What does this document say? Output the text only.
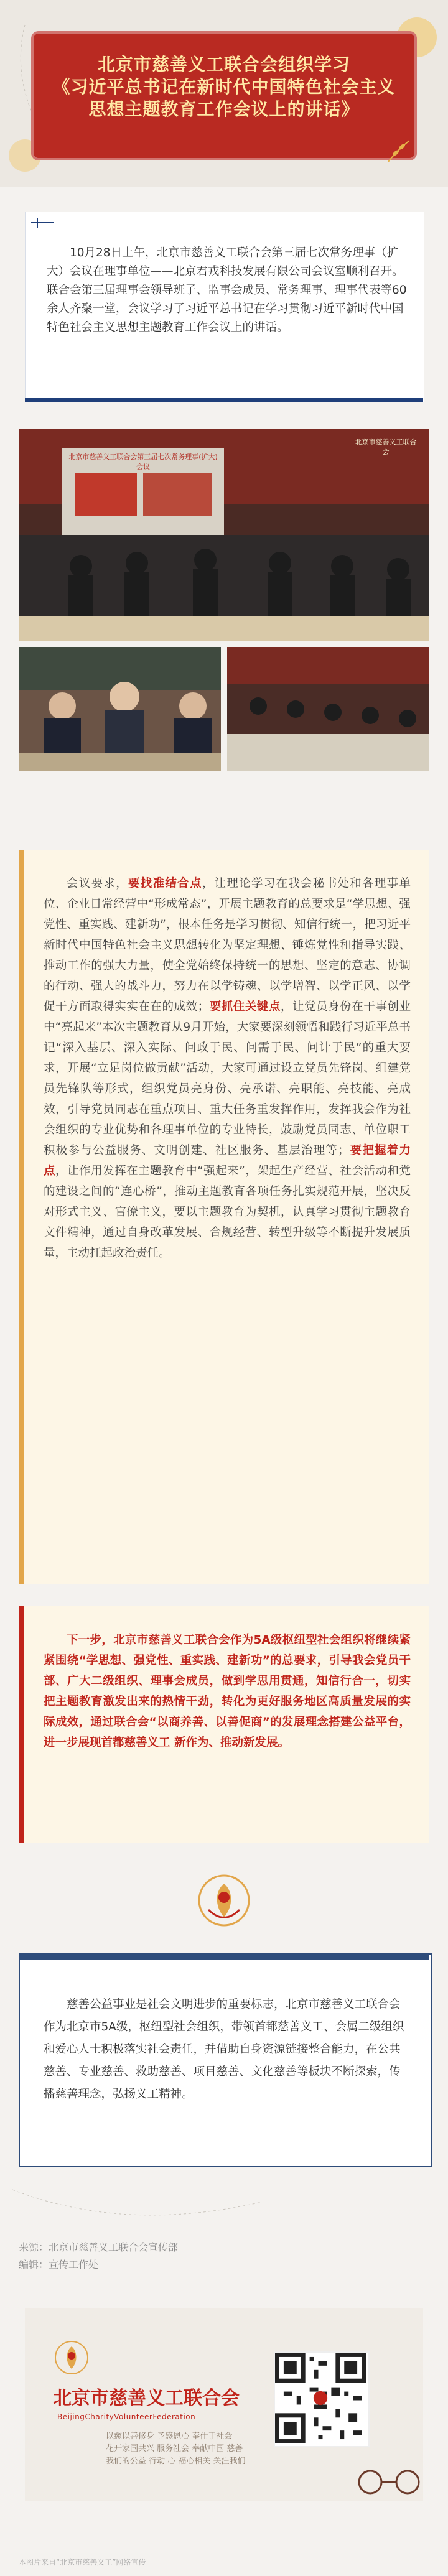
北京市慈善义工联合会组织学习
《习近平总书记在新时代中国特色社会主义
思想主题教育工作会议上的讲话》
10月28日上午，北京市慈善义工联合会第三届七次常务理事（扩大）会议在理事单位——北京君戎科技发展有限公司会议室顺利召开。联合会第三届理事会领导班子、监事会成员、常务理事、理事代表等60余人齐聚一堂，会议学习了习近平总书记在学习贯彻习近平新时代中国特色社会主义思想主题教育工作会议上的讲话。
北京市慈善义工联合会第三届七次常务理事(扩大)会议
北京市慈善义工联合会
会议要求，要找准结合点，让理论学习在我会秘书处和各理事单位、企业日常经营中“形成常态”，开展主题教育的总要求是“学思想、强党性、重实践、建新功”，根本任务是学习贯彻、知信行统一，把习近平新时代中国特色社会主义思想转化为坚定理想、锤炼党性和指导实践、推动工作的强大力量，使全党始终保持统一的思想、坚定的意志、协调的行动、强大的战斗力，努力在以学铸魂、以学增智、以学正风、以学促干方面取得实实在在的成效；要抓住关键点，让党员身份在干事创业中“亮起来”本次主题教育从9月开始，大家要深刻领悟和践行习近平总书记“深入基层、深入实际、问政于民、问需于民、问计于民”的重大要求，开展“立足岗位做贡献”活动，大家可通过设立党员先锋岗、组建党员先锋队等形式，组织党员亮身份、亮承诺、亮职能、亮技能、亮成效，引导党员同志在重点项目、重大任务重发挥作用，发挥我会作为社会组织的专业优势和各理事单位的专业特长，鼓励党员同志、单位职工积极参与公益服务、文明创建、社区服务、基层治理等；要把握着力点，让作用发挥在主题教育中“强起来”，架起生产经营、社会活动和党的建设之间的“连心桥”，推动主题教育各项任务扎实规范开展，坚决反对形式主义、官僚主义，要以主题教育为契机，认真学习贯彻主题教育文件精神，通过自身改革发展、合规经营、转型升级等不断提升发展质量，主动扛起政治责任。
下一步，北京市慈善义工联合会作为5A级枢纽型社会组织将继续紧紧围绕“学思想、强党性、重实践、建新功”的总要求，引导我会党员干部、广大二级组织、理事会成员，做到学思用贯通，知信行合一，切实把主题教育激发出来的热情干劲，转化为更好服务地区高质量发展的实际成效，通过联合会“以商养善、以善促商”的发展理念搭建公益平台，进一步展现首都慈善义工 新作为、推动新发展。
慈善公益事业是社会文明进步的重要标志，北京市慈善义工联合会作为北京市5A级，枢纽型社会组织，带领首都慈善义工、会属二级组织和爱心人士积极落实社会责任，并借助自身资源链接整合能力，在公共慈善、专业慈善、救助慈善、项目慈善、文化慈善等板块不断探索，传播慈善理念，弘扬义工精神。
来源：北京市慈善义工联合会宣传部
编辑：宣传工作处
北京市慈善义工联合会
BeijingCharityVolunteerFederation
以慈以善修身 予感恩心 奉仕于社会
花开家国共兴 服务社会 奉献中国 慈善
我们的公益 行动 心 福心相关 关注我们
本图片来自“北京市慈善义工”网络宣传
